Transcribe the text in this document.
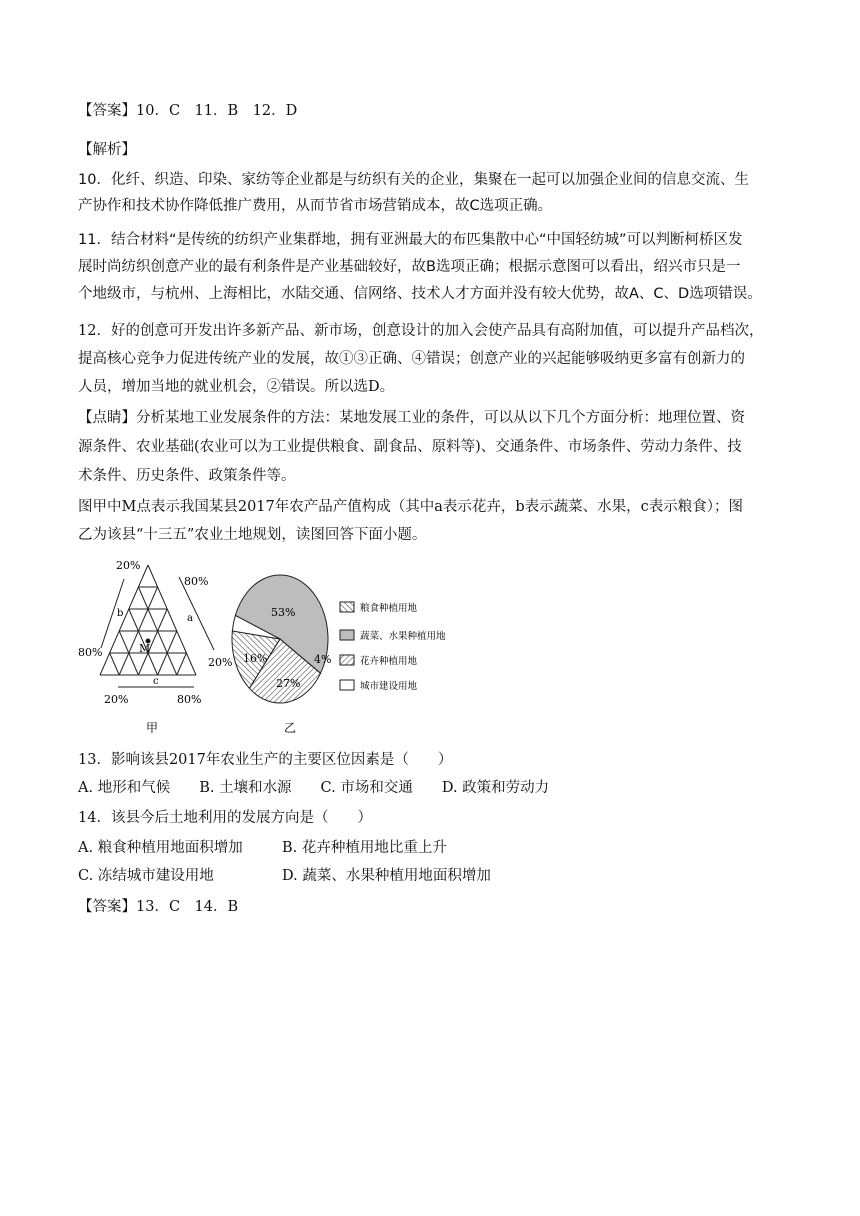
【答案】10．C　11．B　12．D
【解析】
10．化纤、织造、印染、家纺等企业都是与纺织有关的企业，集聚在一起可以加强企业间的信息交流、生
产协作和技术协作降低推广费用，从而节省市场营销成本，故C选项正确。
11．结合材料“是传统的纺织产业集群地，拥有亚洲最大的布匹集散中心“中国轻纺城”可以判断柯桥区发
展时尚纺织创意产业的最有利条件是产业基础较好，故B选项正确；根据示意图可以看出，绍兴市只是一
个地级市，与杭州、上海相比，水陆交通、信网络、技术人才方面并没有较大优势，故A、C、D选项错误。
12．好的创意可开发出许多新产品、新市场，创意设计的加入会使产品具有高附加值，可以提升产品档次，
提高核心竞争力促进传统产业的发展，故①③正确、④错误；创意产业的兴起能够吸纳更多富有创新力的
人员，增加当地的就业机会，②错误。所以选D。
【点睛】分析某地工业发展条件的方法：某地发展工业的条件，可以从以下几个方面分析：地理位置、资
源条件、农业基础(农业可以为工业提供粮食、副食品、原料等)、交通条件、市场条件、劳动力条件、技
术条件、历史条件、政策条件等。
图甲中M点表示我国某县2017年农产品产值构成（其中a表示花卉，b表示蔬菜、水果，c表示粮食）；图
乙为该县“十三五”农业土地规划，读图回答下面小题。
20%
80%
80%
20%
20%	80%
a
b
c
M
甲
53%
27%
16%	4%
乙
粮食种植用地
蔬菜、水果种植用地
花卉种植用地
城市建设用地
13．影响该县2017年农业生产的主要区位因素是（　　）
A. 地形和气候　　B. 土壤和水源　　C. 市场和交通　　D. 政策和劳动力
14．该县今后土地利用的发展方向是（　　）
A. 粮食种植用地面积增加	B. 花卉种植用地比重上升
C. 冻结城市建设用地	D. 蔬菜、水果种植用地面积增加
【答案】13．C　14．B
